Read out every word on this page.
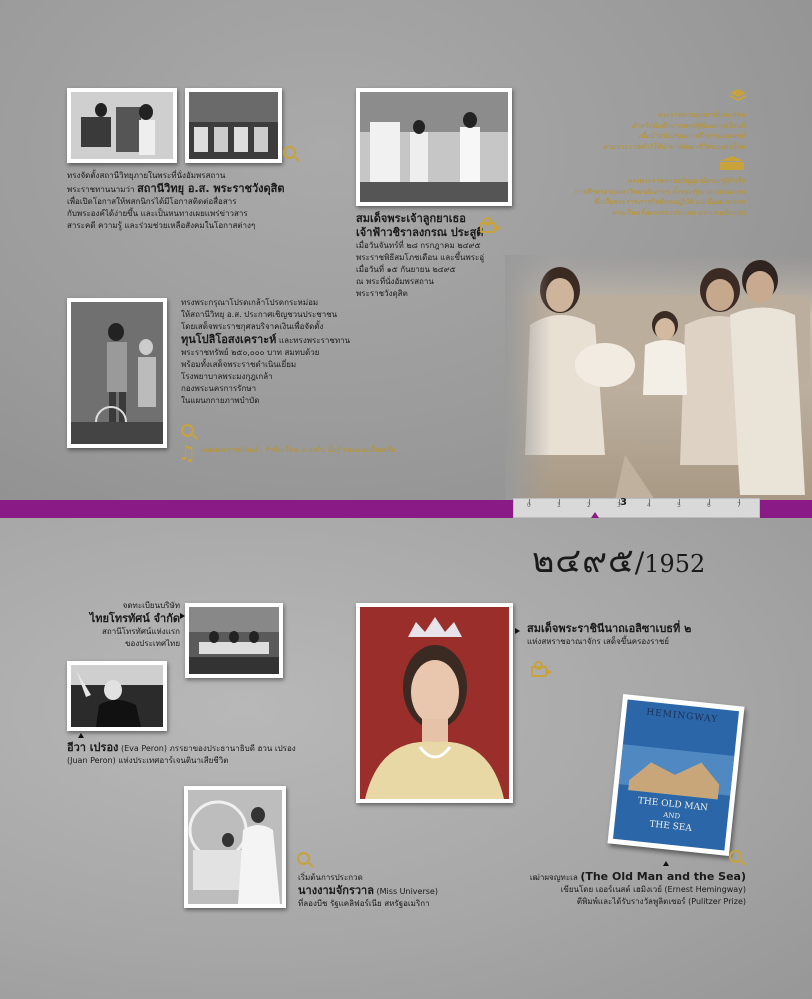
0	1	2	3	4	5	6	7
3
๒๔๙๕/1952
ทรงจัดตั้งสถานีวิทยุภายในพระที่นั่งอัมพรสถาน
พระราชทานนามว่า สถานีวิทยุ อ.ส. พระราชวังดุสิต
เพื่อเปิดโอกาสให้พสกนิกรได้มีโอกาสติดต่อสื่อสาร
กับพระองค์ได้ง่ายขึ้น และเป็นหนทางเผยแพร่ข่าวสาร
สาระคดี ความรู้ และร่วมช่วยเหลือสังคมในโอกาสต่างๆ
สมเด็จพระเจ้าลูกยาเธอ
เจ้าฟ้าวชิราลงกรณ ประสูติ
เมื่อวันจันทร์ที่ ๒๘ กรกฎาคม ๒๔๙๕
พระราชพิธีสมโภชเดือน และขึ้นพระอู่
เมื่อวันที่ ๑๕ กันยายน ๒๔๙๕
ณ พระที่นั่งอัมพรสถาน
พระราชวังดุสิต
พระราชทานทุนอานันทมหิดล
สำหรับนักศึกษาแพทย์ผู้มีผลการเรียนดี
เพื่อนำสนับสนุนการศึกษาของแพทย์
ตามพระราชดำริให้นำมาพัฒนาชีวิตของคนไทย
ทรงพระราชทานปริญญาบัตรแก่ผู้สำเร็จ
การศึกษาจากมหาวิทยาลัยต่างๆ ทั้งของรัฐบาลและเอกชน
ซึ่งเป็นพระราชภารกิจที่ทรงปฏิบัติ ต่อเนื่องมาตลอด
ทรงเป็นครั้งแรกของประเทศ ตราบจนปัจจุบัน
ทรงพระกรุณาโปรดเกล้าโปรดกระหม่อม
ให้สถานีวิทยุ อ.ส. ประกาศเชิญชวนประชาชน
โดยเสด็จพระราชกุศลบริจาคเงินเพื่อจัดตั้ง
ทุนโปลิโอสงเคราะห์ และทรงพระราชทาน
พระราชทรัพย์ ๒๕๐,๐๐๐ บาท สมทบด้วย
พร้อมทั้งเสด็จพระราชดำเนินเยี่ยม
โรงพยาบาลพระมงกุฎเกล้า
กองพระนครการรักษา
ในแผนกกายภาพบำบัด
♫ เพลงพระราชนิพนธ์ : รักคืนเรือน, ยามค่ำ, ยิ้มสู้ และยามเย็นเพลิน
จดทะเบียนบริษัท
ไทยโทรทัศน์ จำกัด
สถานีโทรทัศน์แห่งแรก
ของประเทศไทย
อีวา เปรอง (Eva Peron) ภรรยาของประธานาธิบดี ฮวน เปรอง
(Juan Peron) แห่งประเทศอาร์เจนตินาเสียชีวิต
เริ่มต้นการประกวด
นางงามจักรวาล (Miss Universe)
ที่ลองบีช รัฐแคลิฟอร์เนีย สหรัฐอเมริกา
สมเด็จพระราชินีนาถเอลิซาเบธที่ ๒
แห่งสหราชอาณาจักร เสด็จขึ้นครองราชย์
HEMINGWAY
THE OLD MAN
AND
THE SEA
เฒ่าผจญทะเล (The Old Man and the Sea)
เขียนโดย เออร์เนสต์ เฮมิงเวย์ (Ernest Hemingway)
ตีพิมพ์และได้รับรางวัลพูลิตเซอร์ (Pulitzer Prize)
